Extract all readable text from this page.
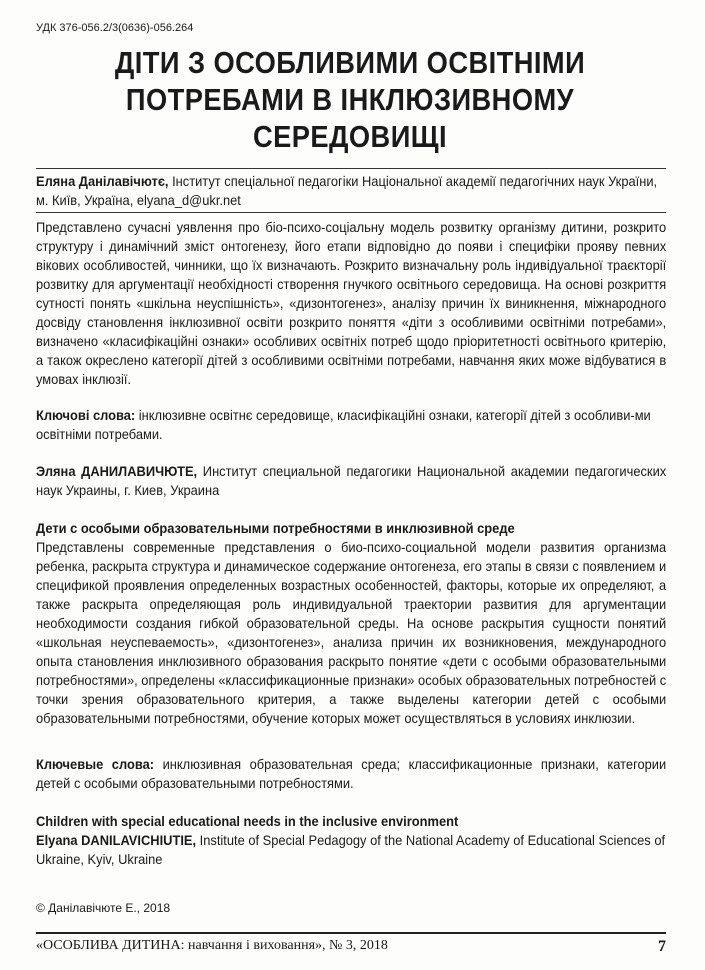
УДК 376-056.2/3(0636)-056.264
ДІТИ З ОСОБЛИВИМИ ОСВІТНІМИ
ПОТРЕБАМИ В ІНКЛЮЗИВНОМУ
СЕРЕДОВИЩІ
Еляна Данілавічютє, Інститут спеціальної педагогіки Національної академії педагогічних наук України, м. Київ, Україна, elyana_d@ukr.net
Представлено сучасні уявлення про біо-психо-соціальну модель розвитку організму дитини, розкрито структуру і динамічний зміст онтогенезу, його етапи відповідно до появи і специфіки прояву певних вікових особливостей, чинники, що їх визначають. Розкрито визначальну роль індивідуальної траєкторії розвитку для аргументації необхідності створення гнучкого освітнього середовища. На основі розкриття сутності понять «шкільна неуспішність», «дизонтогенез», аналізу причин їх виникнення, міжнародного досвіду становлення інклюзивної освіти розкрито поняття «діти з особливими освітніми потребами», визначено «класифікаційні ознаки» особливих освітніх потреб щодо пріоритетності освітнього критерію, а також окреслено категорії дітей з особливими освітніми потребами, навчання яких може відбуватися в умовах інклюзії.
Ключові слова: інклюзивне освітнє середовище, класифікаційні ознаки, категорії дітей з особливи-ми освітніми потребами.
Эляна ДАНИЛАВИЧЮТЕ, Институт специальной педагогики Национальной академии педагогических наук Украины, г. Киев, Украина
Дети с особыми образовательными потребностями в инклюзивной среде
Представлены современные представления о био-психо-социальной модели развития организма ребенка, раскрыта структура и динамическое содержание онтогенеза, его этапы в связи с появлением и спецификой проявления определенных возрастных особенностей, факторы, которые их определяют, а также раскрыта определяющая роль индивидуальной траектории развития для аргументации необходимости создания гибкой образовательной среды. На основе раскрытия сущности понятий «школьная неуспеваемость», «дизонтогенез», анализа причин их возникновения, международного опыта становления инклюзивного образования раскрыто понятие «дети с особыми образовательными потребностями», определены «классификационные признаки» особых образовательных потребностей с точки зрения образовательного критерия, а также выделены категории детей с особыми образовательными потребностями, обучение которых может осуществляться в условиях инклюзии.
Ключевые слова: инклюзивная образовательная среда; классификационные признаки, категории детей с особыми образовательными потребностями.
Children with special educational needs in the inclusive environment
Elyana DANILAVICHIUTIE, Institute of Special Pedagogy of the National Academy of Educational Sciences of Ukraine, Kyiv, Ukraine
© Данілавічюте Е., 2018
«ОСОБЛИВА ДИТИНА: навчання і виховання», № 3, 2018	7
